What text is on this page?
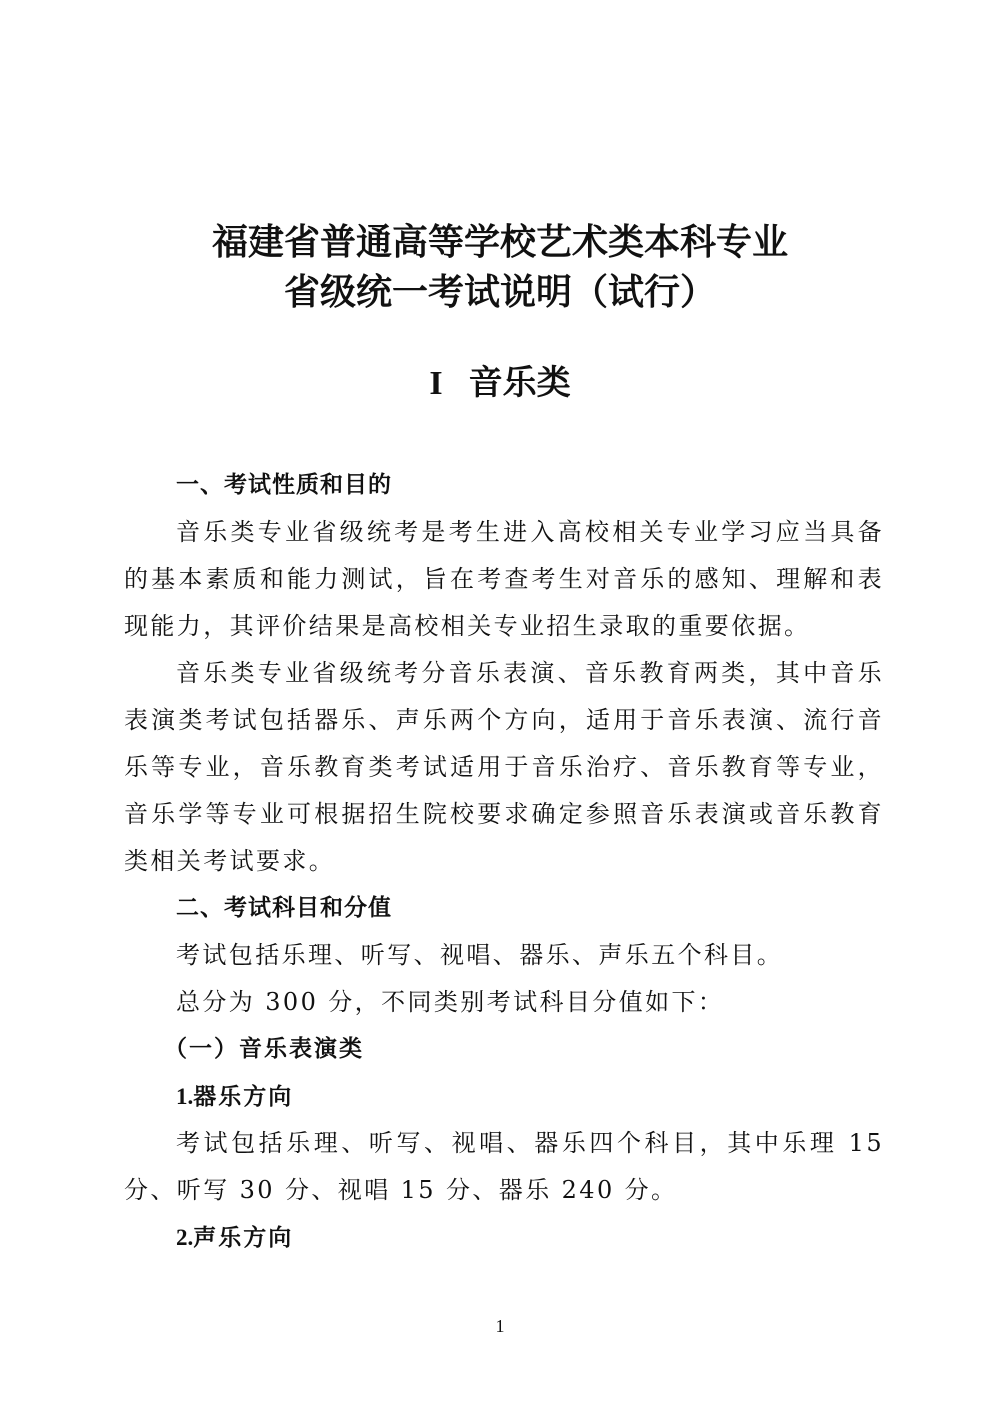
福建省普通高等学校艺术类本科专业
省级统一考试说明（试行）
I 音乐类

一、考试性质和目的

音乐类专业省级统考是考生进入高校相关专业学习应当具备的基本素质和能力测试，旨在考查考生对音乐的感知、理解和表现能力，其评价结果是高校相关专业招生录取的重要依据。

音乐类专业省级统考分音乐表演、音乐教育两类，其中音乐表演类考试包括器乐、声乐两个方向，适用于音乐表演、流行音乐等专业，音乐教育类考试适用于音乐治疗、音乐教育等专业，音乐学等专业可根据招生院校要求确定参照音乐表演或音乐教育类相关考试要求。

二、考试科目和分值

考试包括乐理、听写、视唱、器乐、声乐五个科目。

总分为 300 分，不同类别考试科目分值如下：

（一）音乐表演类

1.器乐方向

考试包括乐理、听写、视唱、器乐四个科目，其中乐理 15 分、听写 30 分、视唱 15 分、器乐 240 分。

2.声乐方向

1
